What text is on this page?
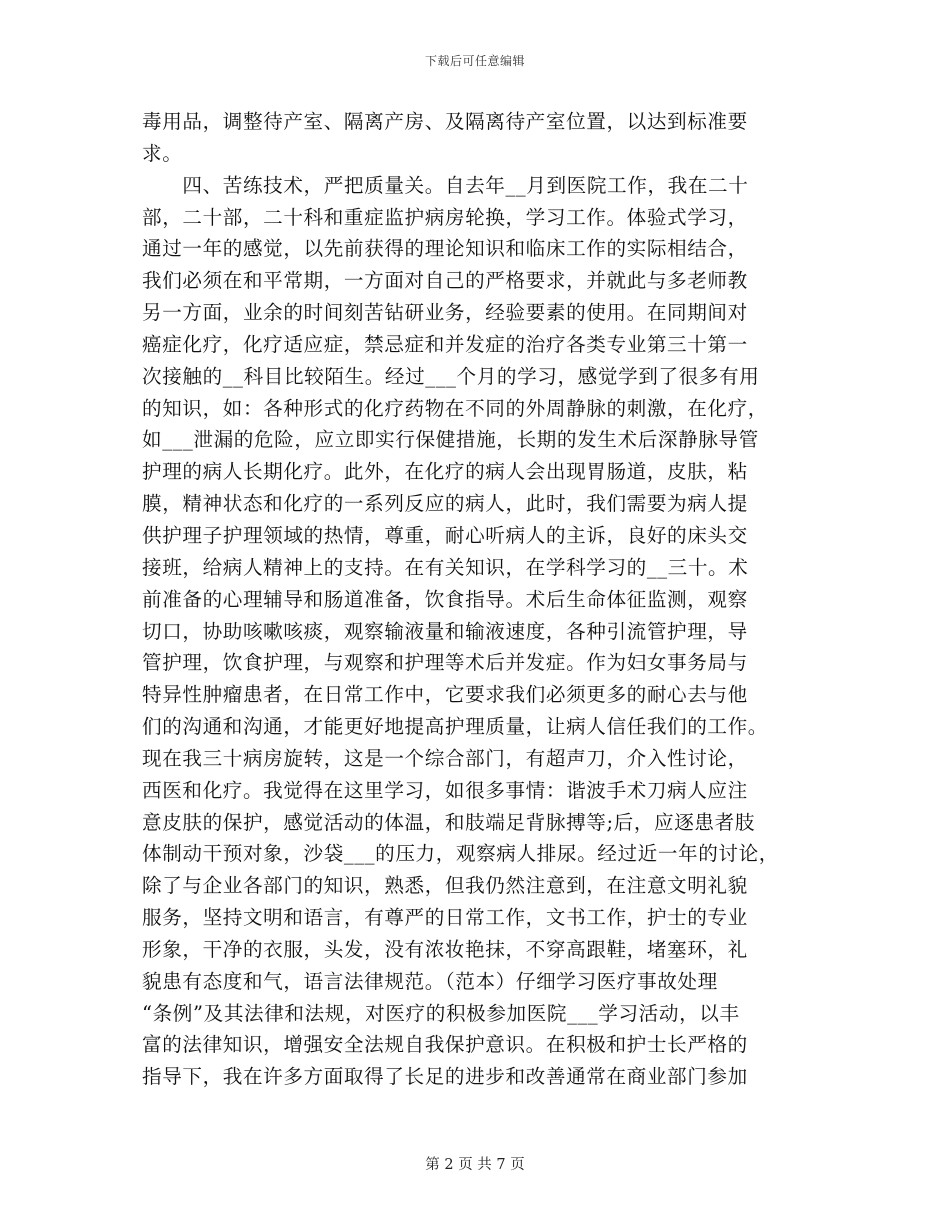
下载后可任意编辑
毒用品，调整待产室、隔离产房、及隔离待产室位置，以达到标准要
求。
　　四、苦练技术，严把质量关。自去年__月到医院工作，我在二十
部，二十部，二十科和重症监护病房轮换，学习工作。体验式学习，
通过一年的感觉，以先前获得的理论知识和临床工作的实际相结合，
我们必须在和平常期，一方面对自己的严格要求，并就此与多老师教
另一方面，业余的时间刻苦钻研业务，经验要素的使用。在同期间对
癌症化疗，化疗适应症，禁忌症和并发症的治疗各类专业第三十第一
次接触的__科目比较陌生。经过___个月的学习，感觉学到了很多有用
的知识，如：各种形式的化疗药物在不同的外周静脉的刺激，在化疗，
如___泄漏的危险，应立即实行保健措施，长期的发生术后深静脉导管
护理的病人长期化疗。此外，在化疗的病人会出现胃肠道，皮肤，粘
膜，精神状态和化疗的一系列反应的病人，此时，我们需要为病人提
供护理子护理领域的热情，尊重，耐心听病人的主诉，良好的床头交
接班，给病人精神上的支持。在有关知识，在学科学习的__三十。术
前准备的心理辅导和肠道准备，饮食指导。术后生命体征监测，观察
切口，协助咳嗽咳痰，观察输液量和输液速度，各种引流管护理，导
管护理，饮食护理，与观察和护理等术后并发症。作为妇女事务局与
特异性肿瘤患者，在日常工作中，它要求我们必须更多的耐心去与他
们的沟通和沟通，才能更好地提高护理质量，让病人信任我们的工作。
现在我三十病房旋转，这是一个综合部门，有超声刀，介入性讨论，
西医和化疗。我觉得在这里学习，如很多事情：谐波手术刀病人应注
意皮肤的保护，感觉活动的体温，和肢端足背脉搏等;后，应逐患者肢
体制动干预对象，沙袋___的压力，观察病人排尿。经过近一年的讨论，
除了与企业各部门的知识，熟悉，但我仍然注意到，在注意文明礼貌
服务，坚持文明和语言，有尊严的日常工作，文书工作，护士的专业
形象，干净的衣服，头发，没有浓妆艳抹，不穿高跟鞋，堵塞环，礼
貌患有态度和气，语言法律规范。（范本）仔细学习医疗事故处理
“条例”及其法律和法规，对医疗的积极参加医院___学习活动，以丰
富的法律知识，增强安全法规自我保护意识。在积极和护士长严格的
指导下，我在许多方面取得了长足的进步和改善通常在商业部门参加
第 2 页 共 7 页
